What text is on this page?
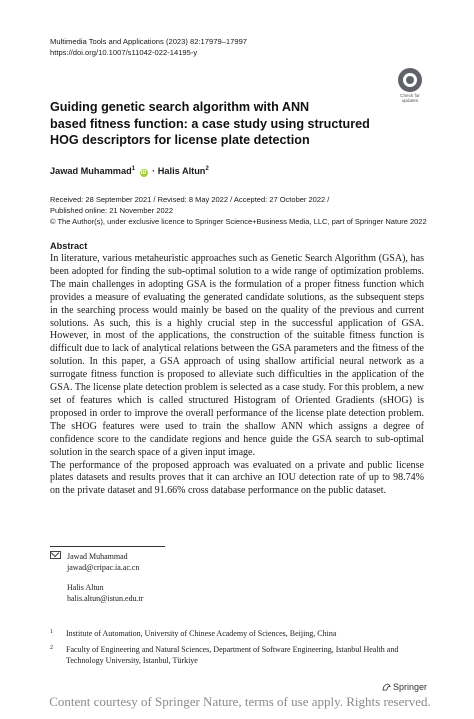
Multimedia Tools and Applications (2023) 82:17979–17997
https://doi.org/10.1007/s11042-022-14195-y
Check for
updates
Guiding genetic search algorithm with ANN
based fitness function: a case study using structured
HOG descriptors for license plate detection
Jawad Muhammad$^1$ iD · Halis Altun$^2$
Received: 28 September 2021 / Revised: 8 May 2022 / Accepted: 27 October 2022 /
Published online: 21 November 2022
© The Author(s), under exclusive licence to Springer Science+Business Media, LLC, part of Springer Nature 2022
Abstract

In literature, various metaheuristic approaches such as Genetic Search Algorithm (GSA), has been adopted for finding the sub-optimal solution to a wide range of optimization problems. The main challenges in adopting GSA is the formulation of a proper fitness function which provides a measure of evaluating the generated candidate solutions, as the subsequent steps in the searching process would mainly be based on the quality of the previous and current solutions. As such, this is a highly crucial step in the successful application of GSA. However, in most of the applications, the construction of the suitable fitness function is difficult due to lack of analytical relations between the GSA parameters and the fitness of the solution. In this paper, a GSA approach of using shallow artificial neural network as a surrogate fitness function is proposed to alleviate such difficulties in the application of the GSA. The license plate detection problem is selected as a case study. For this problem, a new set of features which is called structured Histogram of Oriented Gradients (sHOG) is proposed in order to improve the overall performance of the license plate detection problem. The sHOG features were used to train the shallow ANN which assigns a degree of confidence score to the candidate regions and hence guide the GSA search to sub-optimal solution in the search space of a given input image.

The performance of the proposed approach was evaluated on a private and public license plates datasets and results proves that it can archive an IOU detection rate of up to 98.74% on the private dataset and 91.66% cross database performance on the public dataset.

Jawad Muhammad
jawad@cripac.ia.ac.cn
Halis Altun
halis.altun@istun.edu.tr
1 Institute of Automation, University of Chinese Academy of Sciences, Beijing, China
2 Faculty of Engineering and Natural Sciences, Department of Software Engineering, Istanbul Health and Technology University, Istanbul, Türkiye
Springer
Content courtesy of Springer Nature, terms of use apply. Rights reserved.
